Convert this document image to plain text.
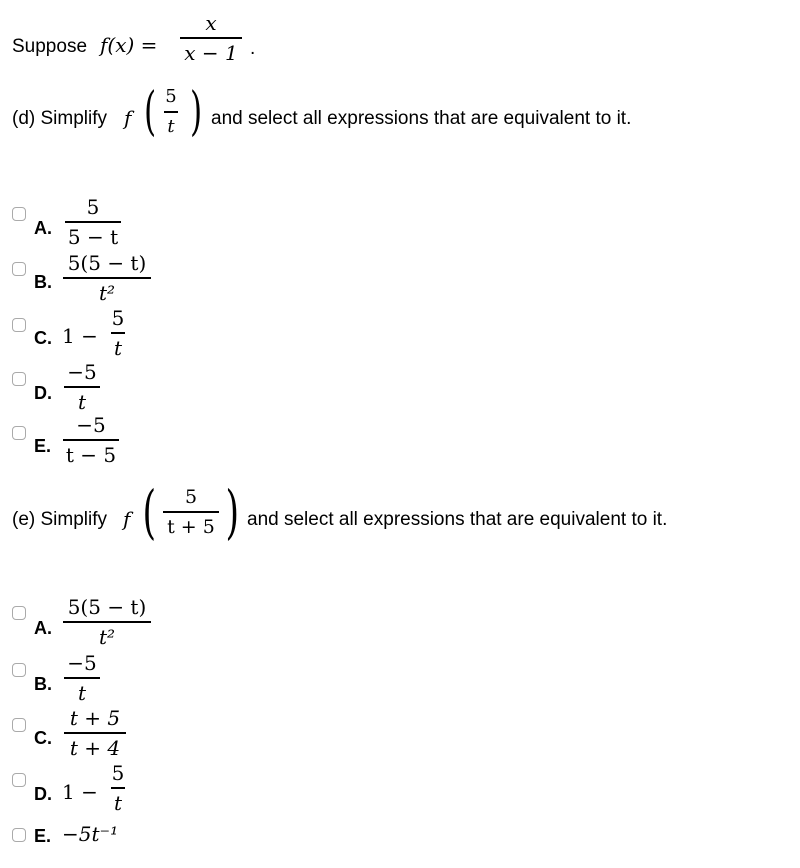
Suppose f(x) =
x
x − 1 .
(d) Simplify f ( 5
t ) and select all expressions that are equivalent to it.
A.
5
5 − t
B.
5(5 − t)
t²
C. 1 −
5
t
D.
−5
t
E.
−5
t − 5
(e) Simplify f ( 5
t + 5 ) and select all expressions that are equivalent to it.
A.
5(5 − t)
t²
B.
−5
t
C.
t + 5
t + 4
D. 1 −
5
t
E. −5t⁻¹
